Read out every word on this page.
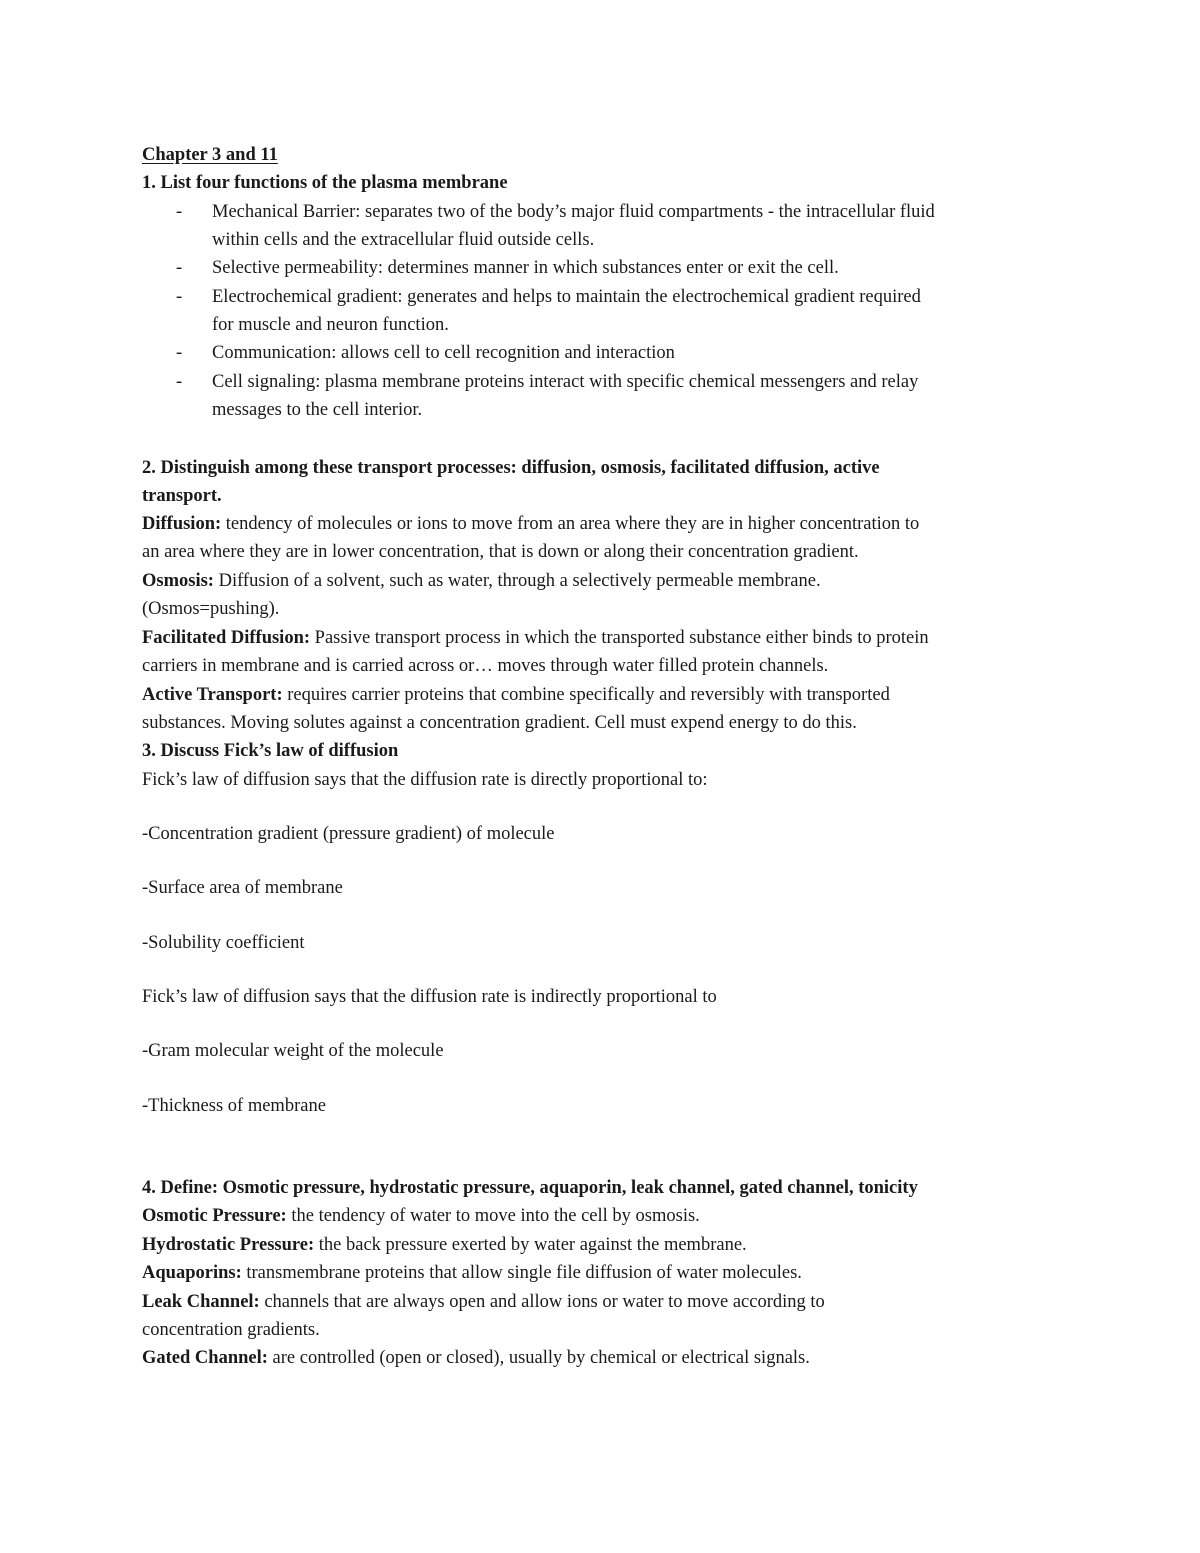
Chapter 3 and 11
1. List four functions of the plasma membrane
- Mechanical Barrier: separates two of the body’s major fluid compartments - the intracellular fluid
within cells and the extracellular fluid outside cells.
- Selective permeability: determines manner in which substances enter or exit the cell.
- Electrochemical gradient: generates and helps to maintain the electrochemical gradient required
for muscle and neuron function.
- Communication: allows cell to cell recognition and interaction
- Cell signaling: plasma membrane proteins interact with specific chemical messengers and relay
messages to the cell interior.
2. Distinguish among these transport processes: diffusion, osmosis, facilitated diffusion, active
transport.
Diffusion: tendency of molecules or ions to move from an area where they are in higher concentration to
an area where they are in lower concentration, that is down or along their concentration gradient.
Osmosis: Diffusion of a solvent, such as water, through a selectively permeable membrane.
(Osmos=pushing).
Facilitated Diffusion: Passive transport process in which the transported substance either binds to protein
carriers in membrane and is carried across or… moves through water filled protein channels.
Active Transport: requires carrier proteins that combine specifically and reversibly with transported
substances. Moving solutes against a concentration gradient. Cell must expend energy to do this.
3. Discuss Fick’s law of diffusion
Fick’s law of diffusion says that the diffusion rate is directly proportional to:
-Concentration gradient (pressure gradient) of molecule
-Surface area of membrane
-Solubility coefficient
Fick’s law of diffusion says that the diffusion rate is indirectly proportional to
-Gram molecular weight of the molecule
-Thickness of membrane
4. Define: Osmotic pressure, hydrostatic pressure, aquaporin, leak channel, gated channel, tonicity
Osmotic Pressure: the tendency of water to move into the cell by osmosis.
Hydrostatic Pressure: the back pressure exerted by water against the membrane.
Aquaporins: transmembrane proteins that allow single file diffusion of water molecules.
Leak Channel: channels that are always open and allow ions or water to move according to
concentration gradients.
Gated Channel: are controlled (open or closed), usually by chemical or electrical signals.
